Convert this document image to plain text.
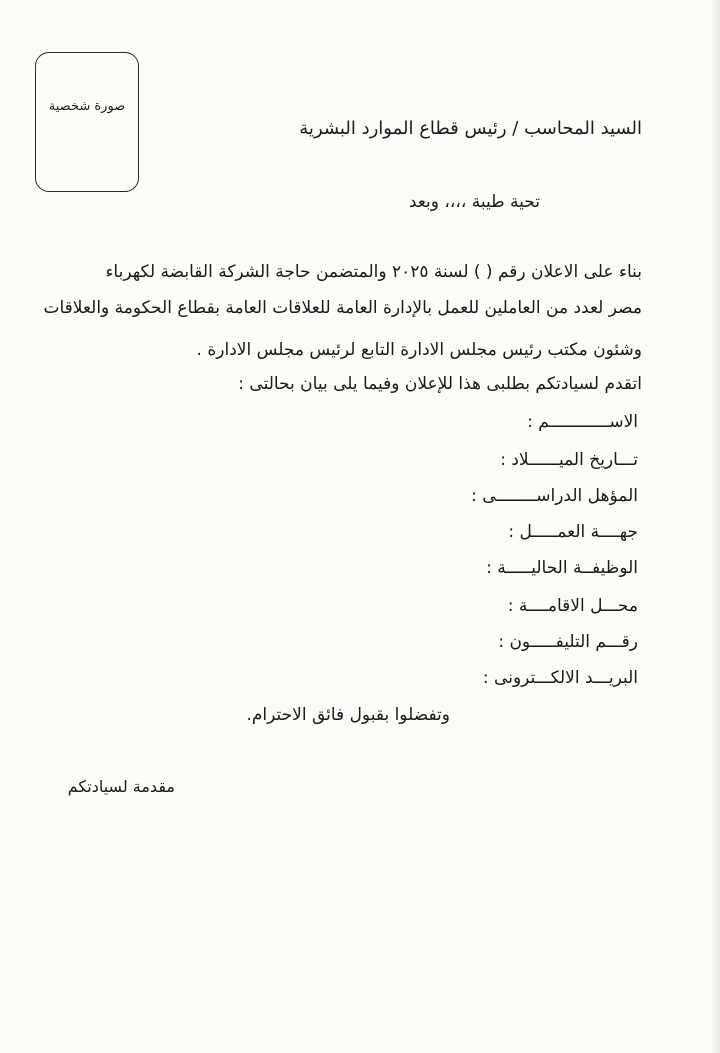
صورة شخصية
السيد المحاسب / رئيس قطاع الموارد البشرية
تحية طيبة ،،،، وبعد
بناء على الاعلان رقم ( ) لسنة ٢٠٢٥ والمتضمن حاجة الشركة القابضة لكهرباء
مصر لعدد من العاملين للعمل بالإدارة العامة للعلاقات العامة بقطاع الحكومة والعلاقات
وشئون مكتب رئيس مجلس الادارة التابع لرئيس مجلس الادارة .
اتقدم لسيادتكم بطلبى هذا للإعلان وفيما يلى بيان بحالتى :
الاســــــــــــم :
تـــاريخ الميــــــلاد :
المؤهل الدراســــــــى :
جهــــة العمـــــل :
الوظيفــة الحاليـــــة :
محـــل الاقامــــة :
رقـــم التليفـــــون :
البريـــد الالكـــترونى :
وتفضلوا بقبول فائق الاحترام.
مقدمة لسيادتكم
